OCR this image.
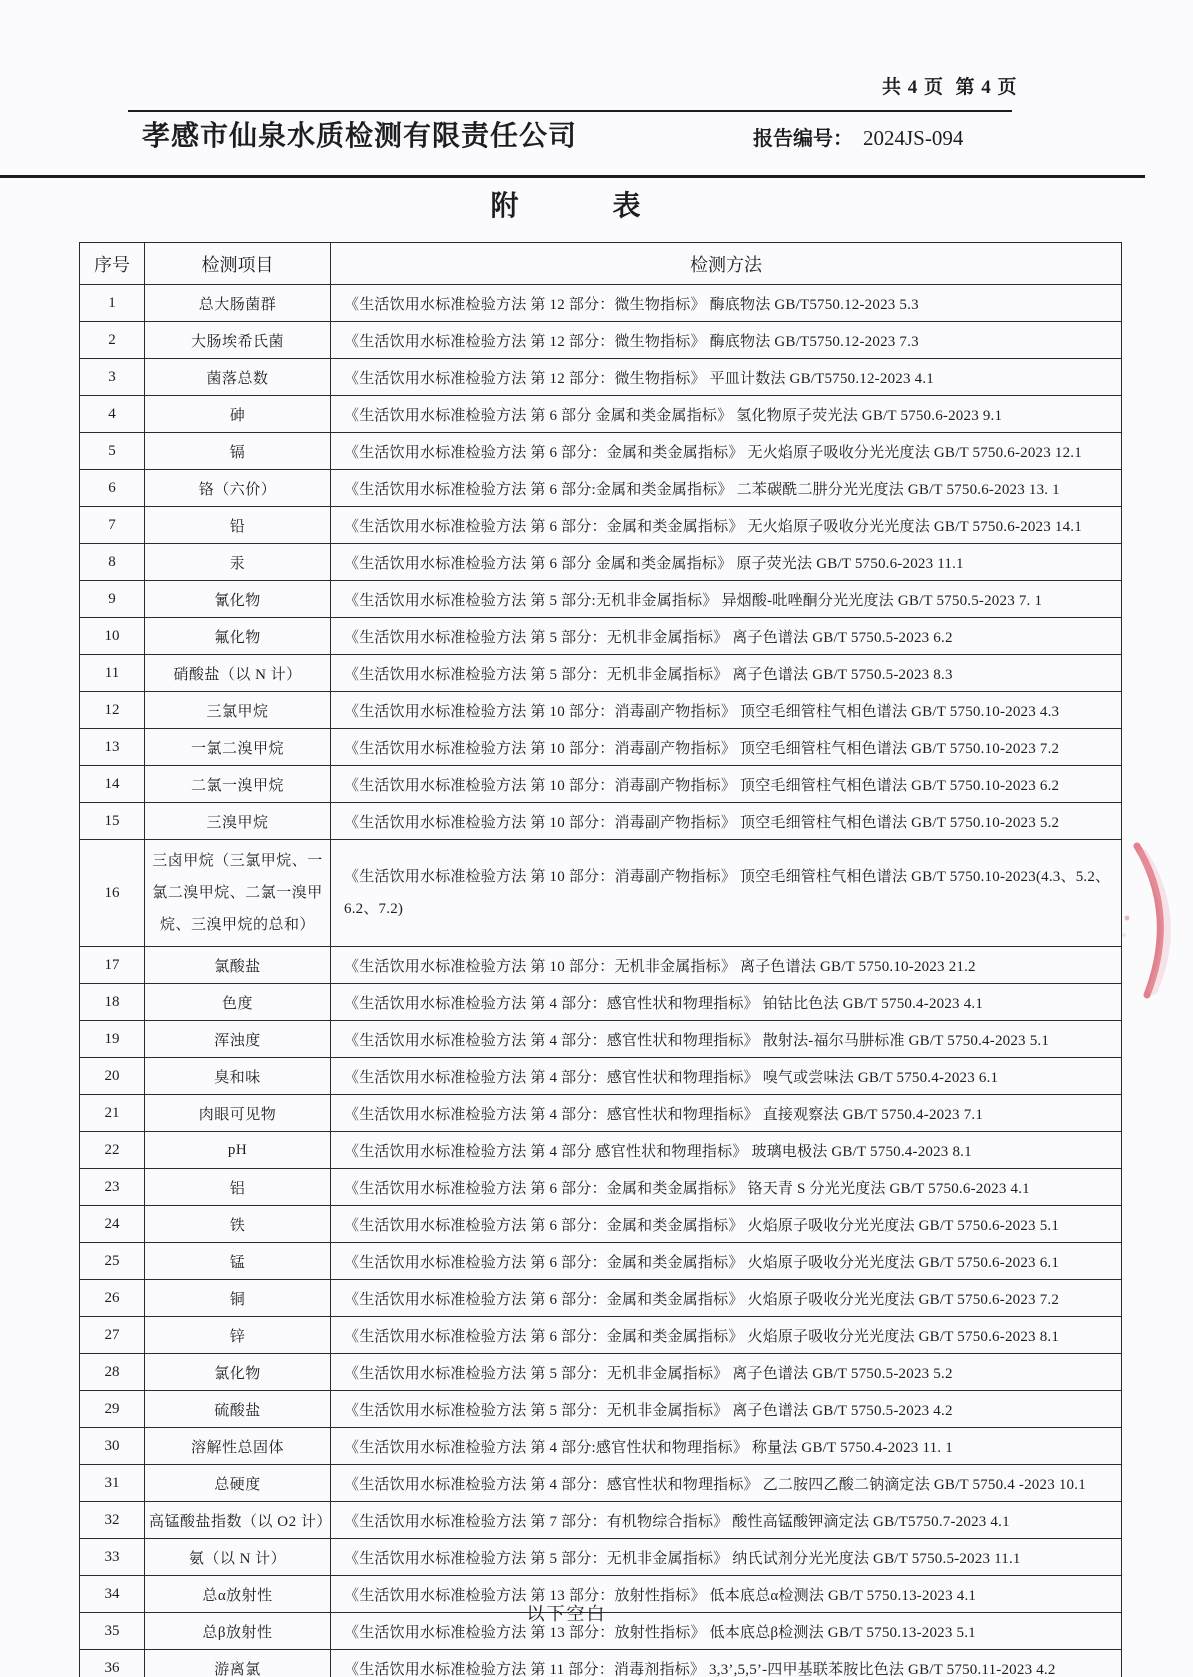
共 4 页  第 4 页
孝感市仙泉水质检测有限责任公司	报告编号： 2024JS-094
附	表
序号	检测项目	检测方法
1	总大肠菌群	《生活饮用水标准检验方法 第 12 部分：微生物指标》 酶底物法 GB/T5750.12-2023 5.3
2	大肠埃希氏菌	《生活饮用水标准检验方法 第 12 部分：微生物指标》 酶底物法 GB/T5750.12-2023 7.3
3	菌落总数	《生活饮用水标准检验方法 第 12 部分：微生物指标》 平皿计数法 GB/T5750.12-2023 4.1
4	砷	《生活饮用水标准检验方法 第 6 部分 金属和类金属指标》 氢化物原子荧光法 GB/T 5750.6-2023 9.1
5	镉	《生活饮用水标准检验方法 第 6 部分：金属和类金属指标》 无火焰原子吸收分光光度法 GB/T 5750.6-2023 12.1
6	铬（六价）	《生活饮用水标准检验方法 第 6 部分:金属和类金属指标》 二苯碳酰二肼分光光度法 GB/T 5750.6-2023 13. 1
7	铅	《生活饮用水标准检验方法 第 6 部分：金属和类金属指标》 无火焰原子吸收分光光度法 GB/T 5750.6-2023 14.1
8	汞	《生活饮用水标准检验方法 第 6 部分 金属和类金属指标》 原子荧光法 GB/T 5750.6-2023 11.1
9	氰化物	《生活饮用水标准检验方法 第 5 部分:无机非金属指标》 异烟酸-吡唑酮分光光度法 GB/T 5750.5-2023 7. 1
10	氟化物	《生活饮用水标准检验方法 第 5 部分：无机非金属指标》 离子色谱法 GB/T 5750.5-2023 6.2
11	硝酸盐（以 N 计）	《生活饮用水标准检验方法 第 5 部分：无机非金属指标》 离子色谱法 GB/T 5750.5-2023 8.3
12	三氯甲烷	《生活饮用水标准检验方法 第 10 部分：消毒副产物指标》 顶空毛细管柱气相色谱法 GB/T 5750.10-2023 4.3
13	一氯二溴甲烷	《生活饮用水标准检验方法 第 10 部分：消毒副产物指标》 顶空毛细管柱气相色谱法 GB/T 5750.10-2023 7.2
14	二氯一溴甲烷	《生活饮用水标准检验方法 第 10 部分：消毒副产物指标》 顶空毛细管柱气相色谱法 GB/T 5750.10-2023 6.2
15	三溴甲烷	《生活饮用水标准检验方法 第 10 部分：消毒副产物指标》 顶空毛细管柱气相色谱法 GB/T 5750.10-2023 5.2
16	三卤甲烷（三氯甲烷、一氯二溴甲烷、二氯一溴甲烷、三溴甲烷的总和）	《生活饮用水标准检验方法 第 10 部分：消毒副产物指标》 顶空毛细管柱气相色谱法 GB/T 5750.10-2023(4.3、5.2、6.2、7.2)
17	氯酸盐	《生活饮用水标准检验方法 第 10 部分：无机非金属指标》 离子色谱法 GB/T 5750.10-2023 21.2
18	色度	《生活饮用水标准检验方法 第 4 部分：感官性状和物理指标》 铂钴比色法 GB/T 5750.4-2023 4.1
19	浑浊度	《生活饮用水标准检验方法 第 4 部分：感官性状和物理指标》 散射法-福尔马肼标准 GB/T 5750.4-2023 5.1
20	臭和味	《生活饮用水标准检验方法 第 4 部分：感官性状和物理指标》 嗅气或尝味法 GB/T 5750.4-2023 6.1
21	肉眼可见物	《生活饮用水标准检验方法 第 4 部分：感官性状和物理指标》 直接观察法 GB/T 5750.4-2023 7.1
22	pH	《生活饮用水标准检验方法 第 4 部分 感官性状和物理指标》 玻璃电极法 GB/T 5750.4-2023 8.1
23	铝	《生活饮用水标准检验方法 第 6 部分：金属和类金属指标》 铬天青 S 分光光度法 GB/T 5750.6-2023 4.1
24	铁	《生活饮用水标准检验方法 第 6 部分：金属和类金属指标》 火焰原子吸收分光光度法 GB/T 5750.6-2023 5.1
25	锰	《生活饮用水标准检验方法 第 6 部分：金属和类金属指标》 火焰原子吸收分光光度法 GB/T 5750.6-2023 6.1
26	铜	《生活饮用水标准检验方法 第 6 部分：金属和类金属指标》 火焰原子吸收分光光度法 GB/T 5750.6-2023 7.2
27	锌	《生活饮用水标准检验方法 第 6 部分：金属和类金属指标》 火焰原子吸收分光光度法 GB/T 5750.6-2023 8.1
28	氯化物	《生活饮用水标准检验方法 第 5 部分：无机非金属指标》 离子色谱法 GB/T 5750.5-2023 5.2
29	硫酸盐	《生活饮用水标准检验方法 第 5 部分：无机非金属指标》 离子色谱法 GB/T 5750.5-2023 4.2
30	溶解性总固体	《生活饮用水标准检验方法 第 4 部分:感官性状和物理指标》 称量法 GB/T 5750.4-2023 11. 1
31	总硬度	《生活饮用水标准检验方法 第 4 部分：感官性状和物理指标》 乙二胺四乙酸二钠滴定法 GB/T 5750.4 -2023 10.1
32	高锰酸盐指数（以 O2 计）	《生活饮用水标准检验方法 第 7 部分：有机物综合指标》 酸性高锰酸钾滴定法 GB/T5750.7-2023 4.1
33	氨（以 N 计）	《生活饮用水标准检验方法 第 5 部分：无机非金属指标》 纳氏试剂分光光度法 GB/T 5750.5-2023 11.1
34	总α放射性	《生活饮用水标准检验方法 第 13 部分：放射性指标》 低本底总α检测法 GB/T 5750.13-2023 4.1
35	总β放射性	《生活饮用水标准检验方法 第 13 部分：放射性指标》 低本底总β检测法 GB/T 5750.13-2023 5.1
36	游离氯	《生活饮用水标准检验方法 第 11 部分：消毒剂指标》 3,3’,5,5’-四甲基联苯胺比色法 GB/T 5750.11-2023 4.2
以下空白
